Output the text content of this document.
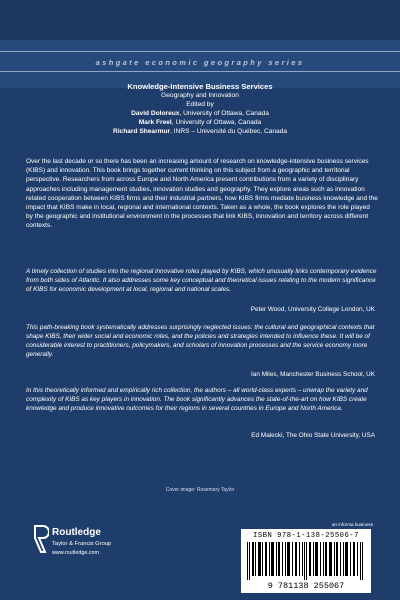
ashgate economic geography series
Knowledge-Intensive Business Services
Geography and Innovation
Edited by
David Doloreux, University of Ottawa, Canada
Mark Freel, University of Ottawa, Canada
Richard Shearmur, INRS – Université du Québec, Canada
Over the last decade or so there has been an increasing amount of research on knowledge-intensive business services (KIBS) and innovation. This book brings together current thinking on this subject from a geographic and territorial perspective. Researchers from across Europe and North America present contributions from a variety of disciplinary approaches including management studies, innovation studies and geography. They explore areas such as innovation related cooperation between KIBS firms and their industrial partners, how KIBS firms mediate business knowledge and the impact that KIBS make in local, regional and international contexts. Taken as a whole, the book explores the role played by the geographic and institutional environment in the processes that link KIBS, innovation and territory across different contexts.
A timely collection of studies into the regional innovative roles played by KIBS, which unusually links contemporary evidence from both sides of Atlantic. It also addresses some key conceptual and theoretical issues relating to the modern significance of KIBS for economic development at local, regional and national scales.
Peter Wood, University College London, UK
This path-breaking book systematically addresses surprisingly neglected issues: the cultural and geographical contexts that shape KIBS, their wider social and economic roles, and the policies and strategies intended to influence these. It will be of considerable interest to practitioners, policymakers, and scholars of innovation processes and the service economy more generally.
Ian Miles, Manchester Business School, UK
In this theoretically informed and empirically rich collection, the authors – all world-class experts – unwrap the variety and complexity of KIBS as key players in innovation. The book significantly advances the state-of-the-art on how KIBS create knowledge and produce innovative outcomes for their regions in several countries in Europe and North America.
Ed Malecki, The Ohio State University, USA
Cover image: Rosemary Taylor
an informa business
ISBN 978-1-138-25506-7
9 781138 255067
Routledge
Taylor & Francis Group
www.routledge.com
